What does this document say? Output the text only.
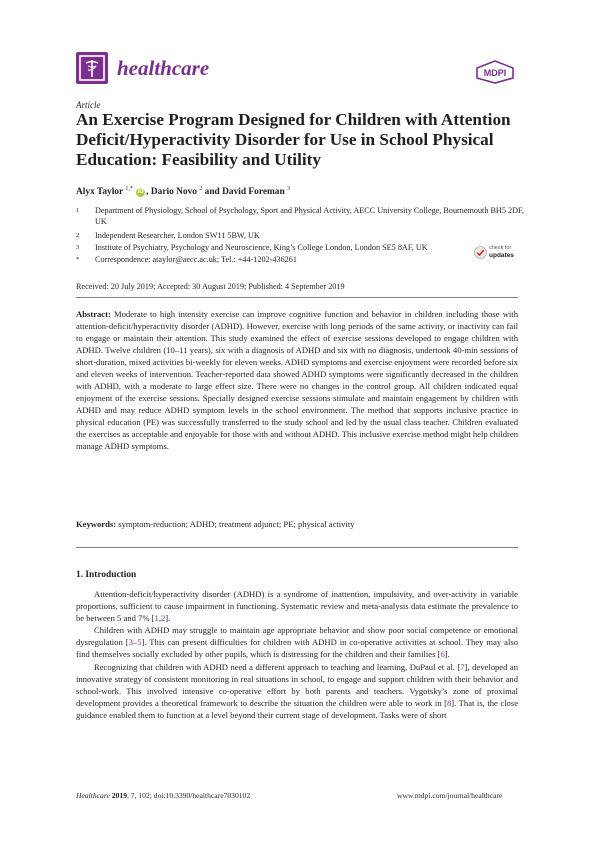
healthcare	MDPI
Article
An Exercise Program Designed for Children with Attention Deficit/Hyperactivity Disorder for Use in School Physical Education: Feasibility and Utility
Alyx Taylor $^{1,*}$ iD , Dario Novo $^2$ and David Foreman $^3$
1	Department of Physiology, School of Psychology, Sport and Physical Activity, AECC University College, Bournemouth BH5 2DF, UK
2	Independent Researcher, London SW11 5BW, UK
3	Institute of Psychiatry, Psychology and Neuroscience, King’s College London, London SE5 8AF, UK
*	Correspondence: ataylor@aecc.ac.uk; Tel.: +44-1202-436261
check for
updates
Received: 20 July 2019; Accepted: 30 August 2019; Published: 4 September 2019

Abstract: Moderate to high intensity exercise can improve cognitive function and behavior in children including those with attention-deficit/hyperactivity disorder (ADHD). However, exercise with long periods of the same activity, or inactivity can fail to engage or maintain their attention. This study examined the effect of exercise sessions developed to engage children with ADHD. Twelve children (10–11 years), six with a diagnosis of ADHD and six with no diagnosis, undertook 40-min sessions of short-duration, mixed activities bi-weekly for eleven weeks. ADHD symptoms and exercise enjoyment were recorded before six and eleven weeks of intervention. Teacher-reported data showed ADHD symptoms were significantly decreased in the children with ADHD, with a moderate to large effect size. There were no changes in the control group. All children indicated equal enjoyment of the exercise sessions. Specially designed exercise sessions stimulate and maintain engagement by children with ADHD and may reduce ADHD symptom levels in the school environment. The method that supports inclusive practice in physical education (PE) was successfully transferred to the study school and led by the usual class teacher. Children evaluated the exercises as acceptable and enjoyable for those with and without ADHD. This inclusive exercise method might help children manage ADHD symptoms.

Keywords: symptom-reduction; ADHD; treatment adjunct; PE; physical activity
1. Introduction

Attention-deficit/hyperactivity disorder (ADHD) is a syndrome of inattention, impulsivity, and over-activity in variable proportions, sufficient to cause impairment in functioning. Systematic review and meta-analysis data estimate the prevalence to be between 5 and 7% [1,2].

Children with ADHD may struggle to maintain age appropriate behavior and show poor social competence or emotional dysregulation [3–5]. This can present difficulties for children with ADHD in co-operative activities at school. They may also find themselves socially excluded by other pupils, which is distressing for the children and their families [6].

Recognizing that children with ADHD need a different approach to teaching and learning, DuPaul et al. [7], developed an innovative strategy of consistent monitoring in real situations in school, to engage and support children with their behavior and school-work. This involved intensive co-operative effort by both parents and teachers. Vygotsky’s zone of proximal development provides a theoretical framework to describe the situation the children were able to work in [8]. That is, the close guidance enabled them to function at a level beyond their current stage of development. Tasks were of short

Healthcare 2019, 7, 102; doi:10.3390/healthcare7030102	www.mdpi.com/journal/healthcare
